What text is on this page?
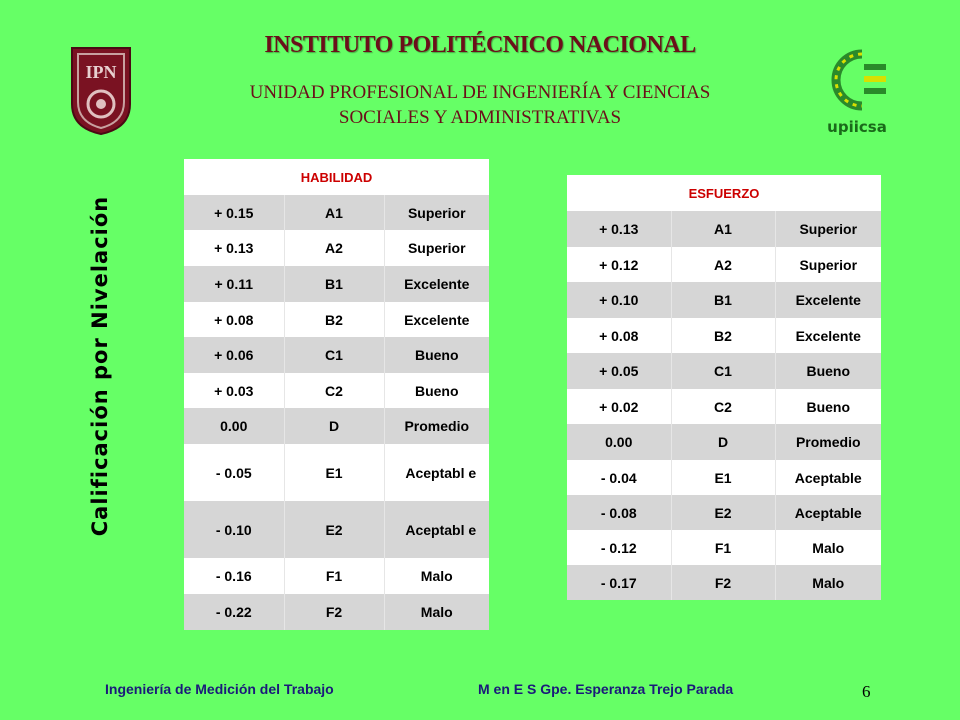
INSTITUTO POLITÉCNICO NACIONAL
UNIDAD PROFESIONAL DE INGENIERÍA Y CIENCIAS
SOCIALES Y ADMINISTRATIVAS
IPN
upiicsa
Calificación por Nivelación
HABILIDAD		
+ 0.15	A1	Superior
+ 0.13	A2	Superior
+ 0.11	B1	Excelente
+ 0.08	B2	Excelente
+ 0.06	C1	Bueno
+ 0.03	C2	Bueno
0.00	D	Promedio
- 0.05	E1	Aceptabl e
- 0.10	E2	Aceptabl e
- 0.16	F1	Malo
- 0.22	F2	Malo
ESFUERZO		
+ 0.13	A1	Superior
+ 0.12	A2	Superior
+ 0.10	B1	Excelente
+ 0.08	B2	Excelente
+ 0.05	C1	Bueno
+ 0.02	C2	Bueno
0.00	D	Promedio
- 0.04	E1	Aceptable
- 0.08	E2	Aceptable
- 0.12	F1	Malo
- 0.17	F2	Malo
Ingeniería de Medición del Trabajo	M en E S Gpe. Esperanza Trejo Parada	6
